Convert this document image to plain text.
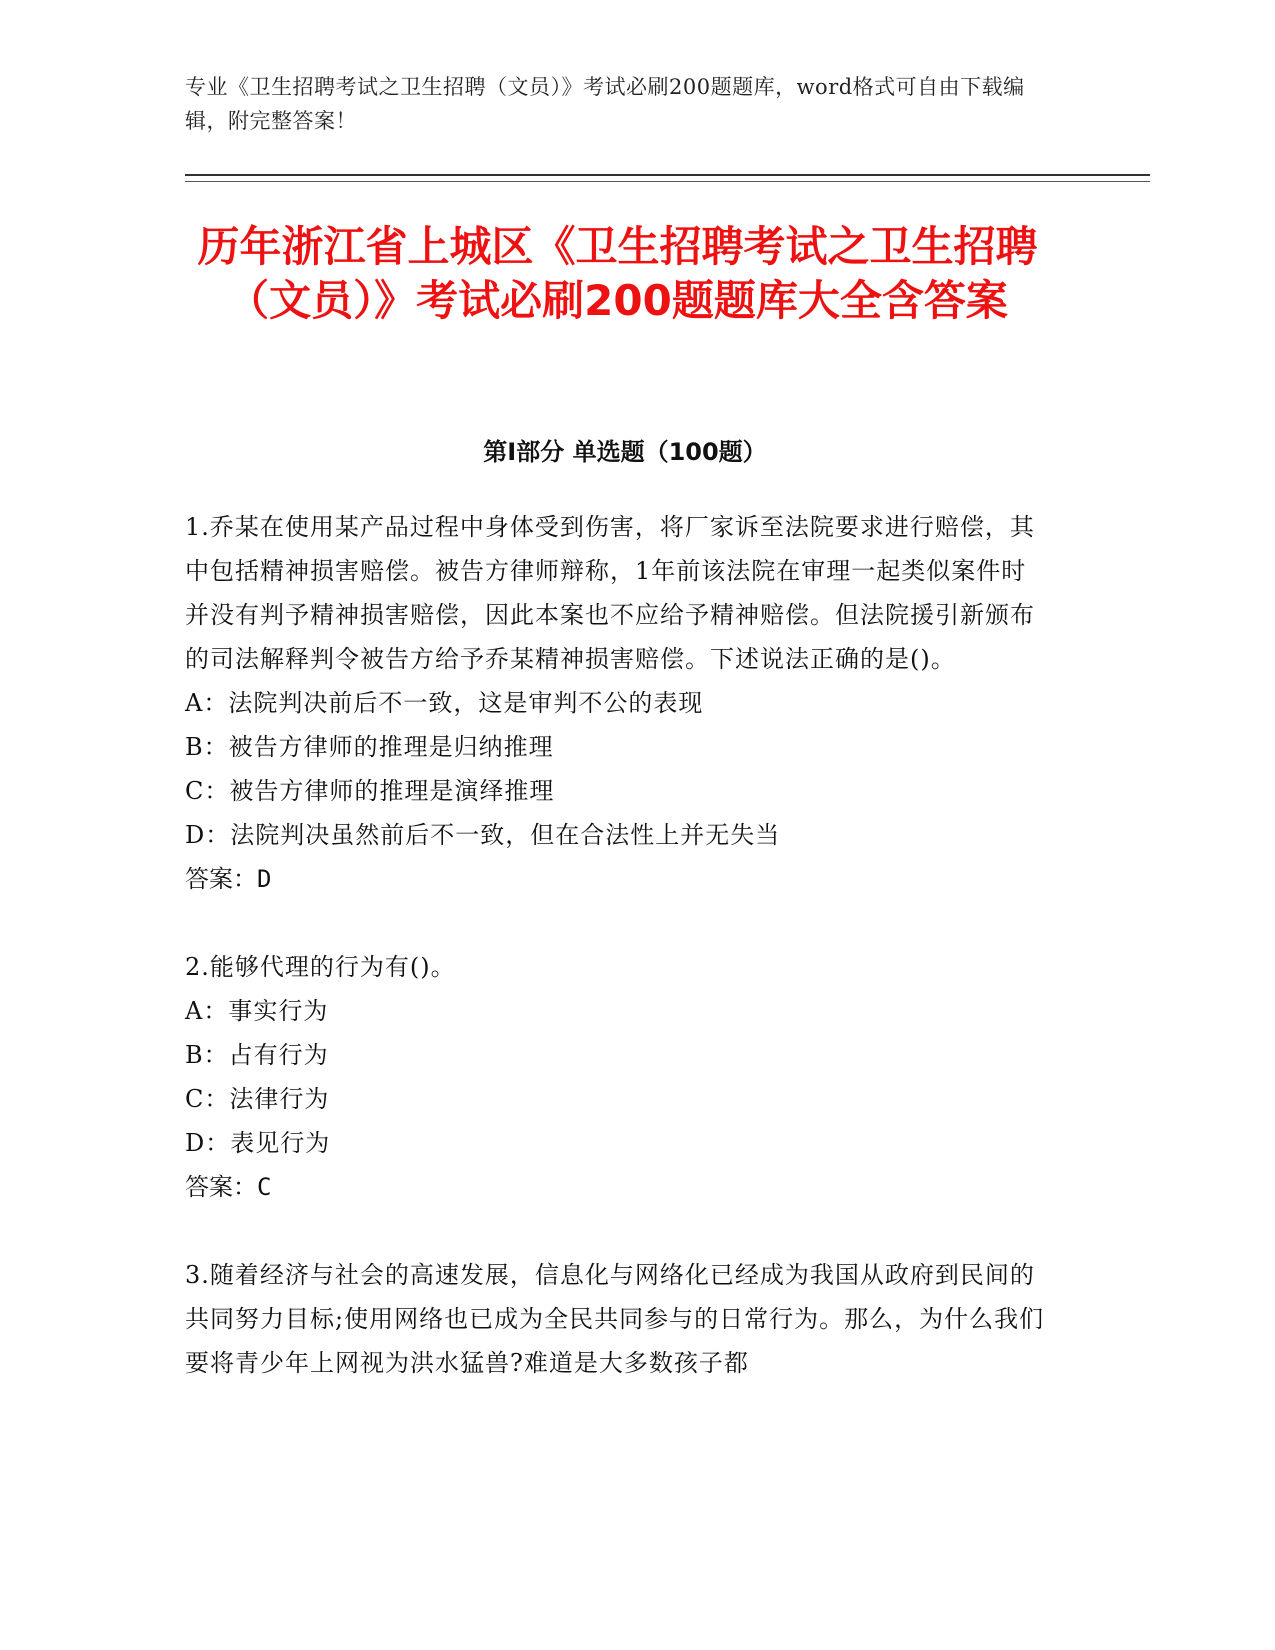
专业《卫生招聘考试之卫生招聘（文员）》考试必刷200题题库，word格式可自由下载编辑，附完整答案！
历年浙江省上城区《卫生招聘考试之卫生招聘（文员）》考试必刷200题题库大全含答案
第I部分 单选题（100题）

1.乔某在使用某产品过程中身体受到伤害，将厂家诉至法院要求进行赔偿，其中包括精神损害赔偿。被告方律师辩称，1年前该法院在审理一起类似案件时并没有判予精神损害赔偿，因此本案也不应给予精神赔偿。但法院援引新颁布的司法解释判令被告方给予乔某精神损害赔偿。下述说法正确的是()。

A：法院判决前后不一致，这是审判不公的表现

B：被告方律师的推理是归纳推理

C：被告方律师的推理是演绎推理

D：法院判决虽然前后不一致，但在合法性上并无失当

答案：D

2.能够代理的行为有()。

A：事实行为

B：占有行为

C：法律行为

D：表见行为

答案：C

3.随着经济与社会的高速发展，信息化与网络化已经成为我国从政府到民间的共同努力目标;使用网络也已成为全民共同参与的日常行为。那么，为什么我们要将青少年上网视为洪水猛兽?难道是大多数孩子都
